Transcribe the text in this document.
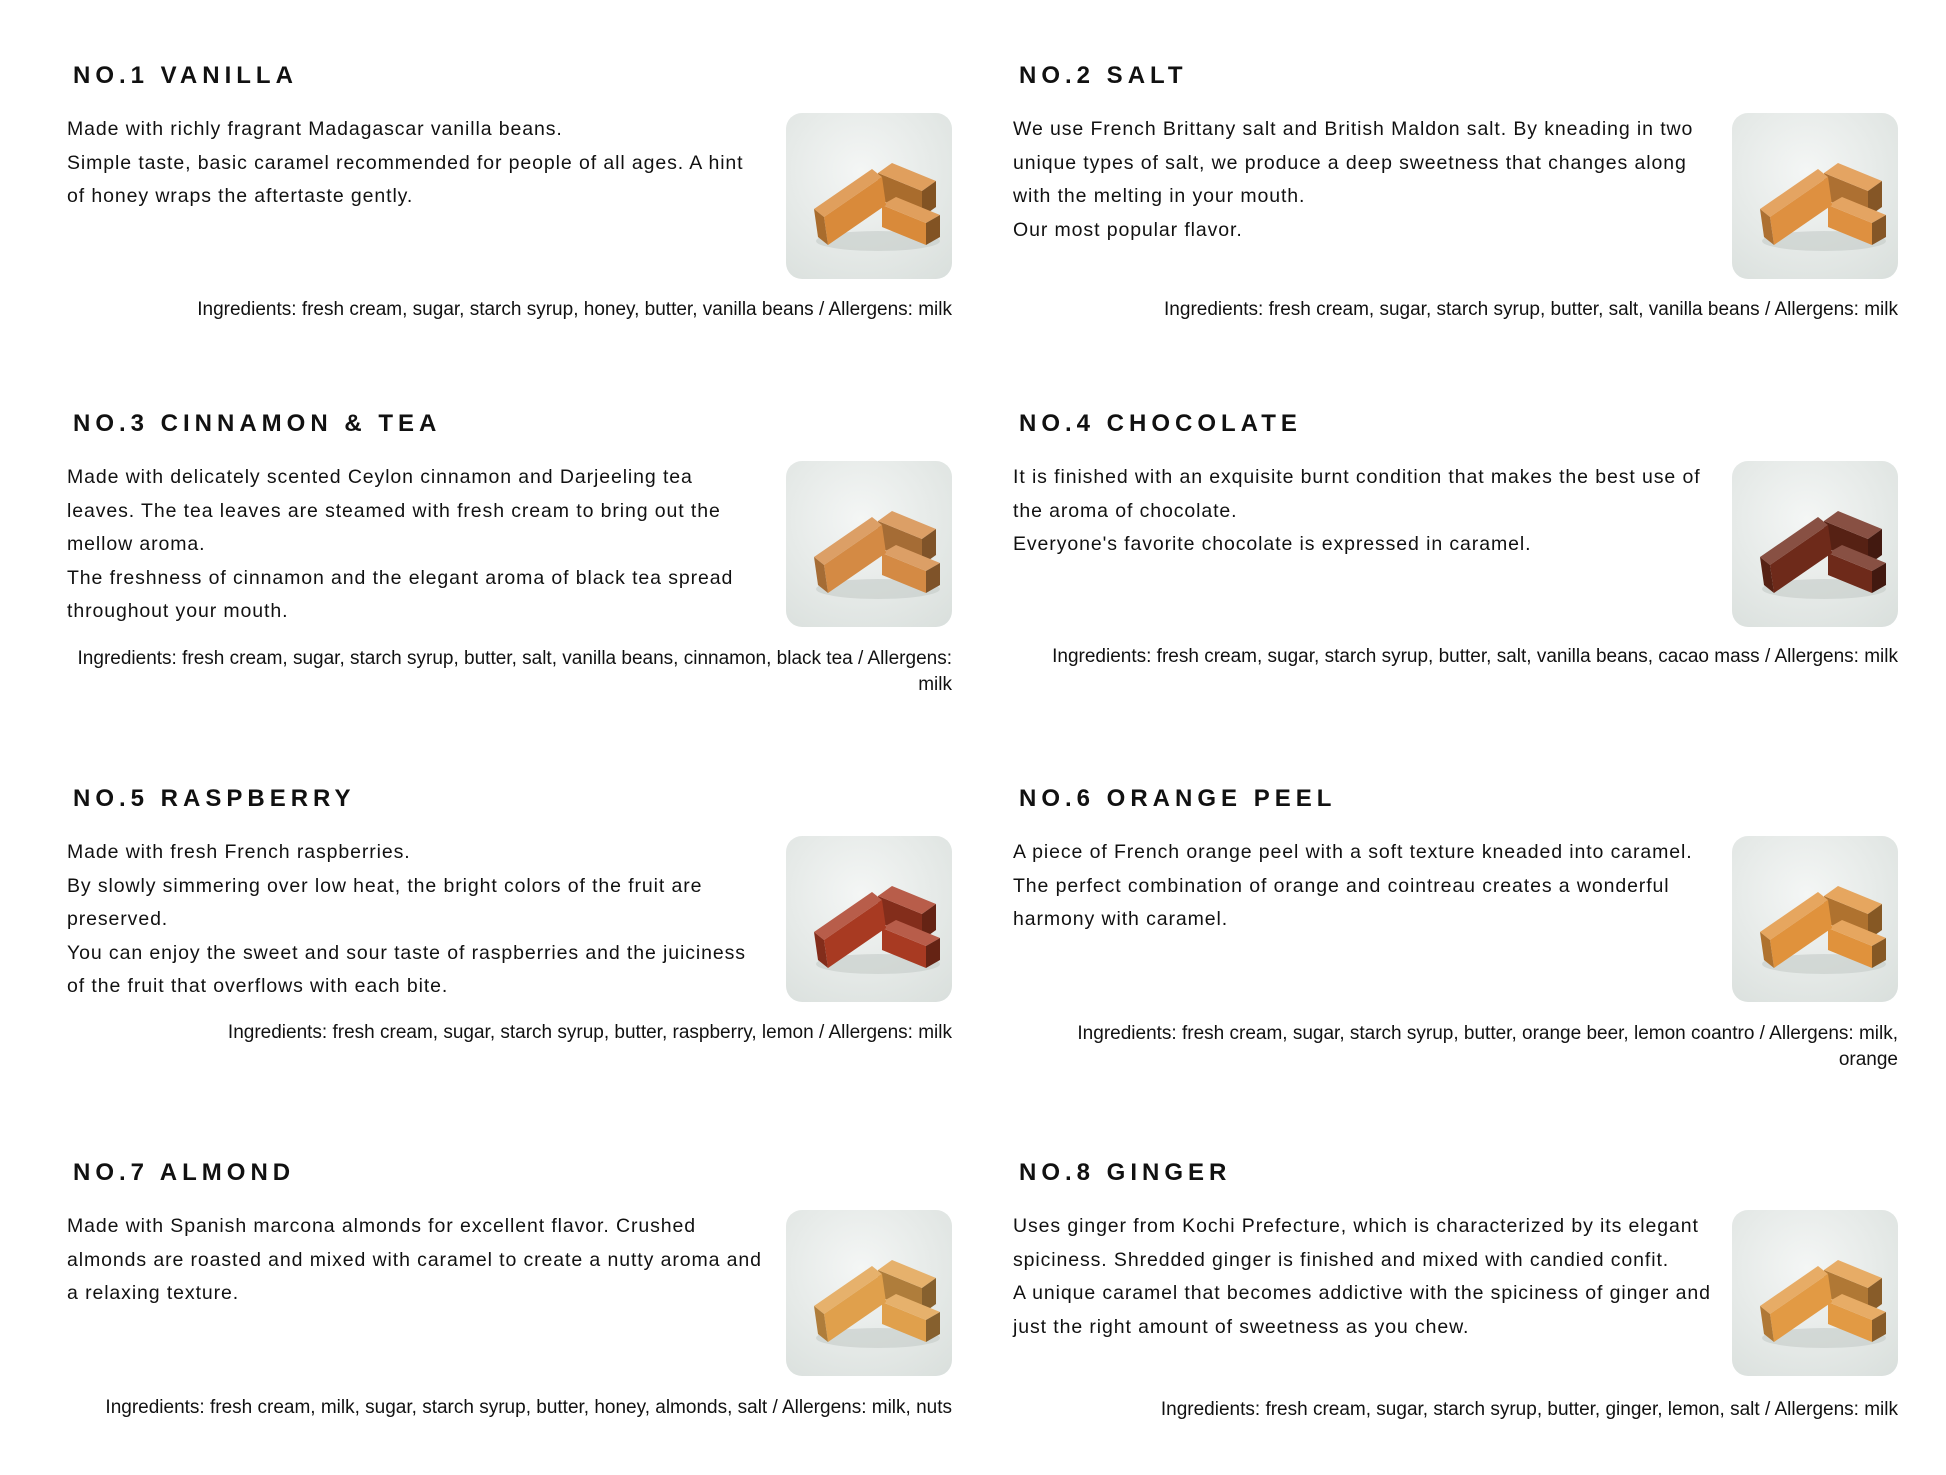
NO.1 VANILLA

Made with richly fragrant Madagascar vanilla beans.

Simple taste, basic caramel recommended for people of all ages. A hint of honey wraps the aftertaste gently.

Ingredients: fresh cream, sugar, starch syrup, honey, butter, vanilla beans / Allergens: milk
NO.2 SALT

We use French Brittany salt and British Maldon salt. By kneading in two unique types of salt, we produce a deep sweetness that changes along with the melting in your mouth.

Our most popular flavor.

Ingredients: fresh cream, sugar, starch syrup, butter, salt, vanilla beans / Allergens: milk
NO.3 CINNAMON & TEA

Made with delicately scented Ceylon cinnamon and Darjeeling tea leaves. The tea leaves are steamed with fresh cream to bring out the mellow aroma.

The freshness of cinnamon and the elegant aroma of black tea spread throughout your mouth.

Ingredients: fresh cream, sugar, starch syrup, butter, salt, vanilla beans, cinnamon, black tea / Allergens: milk
NO.4 CHOCOLATE

It is finished with an exquisite burnt condition that makes the best use of the aroma of chocolate.

Everyone's favorite chocolate is expressed in caramel.

Ingredients: fresh cream, sugar, starch syrup, butter, salt, vanilla beans, cacao mass / Allergens: milk
NO.5 RASPBERRY

Made with fresh French raspberries.

By slowly simmering over low heat, the bright colors of the fruit are preserved.

You can enjoy the sweet and sour taste of raspberries and the juiciness of the fruit that overflows with each bite.

Ingredients: fresh cream, sugar, starch syrup, butter, raspberry, lemon / Allergens: milk
NO.6 ORANGE PEEL

A piece of French orange peel with a soft texture kneaded into caramel.

The perfect combination of orange and cointreau creates a wonderful harmony with caramel.

Ingredients: fresh cream, sugar, starch syrup, butter, orange beer, lemon coantro / Allergens: milk, orange
NO.7 ALMOND

Made with Spanish marcona almonds for excellent flavor. Crushed almonds are roasted and mixed with caramel to create a nutty aroma and a relaxing texture.

Ingredients: fresh cream, milk, sugar, starch syrup, butter, honey, almonds, salt / Allergens: milk, nuts
NO.8 GINGER

Uses ginger from Kochi Prefecture, which is characterized by its elegant spiciness. Shredded ginger is finished and mixed with candied confit.

A unique caramel that becomes addictive with the spiciness of ginger and just the right amount of sweetness as you chew.

Ingredients: fresh cream, sugar, starch syrup, butter, ginger, lemon, salt / Allergens: milk
